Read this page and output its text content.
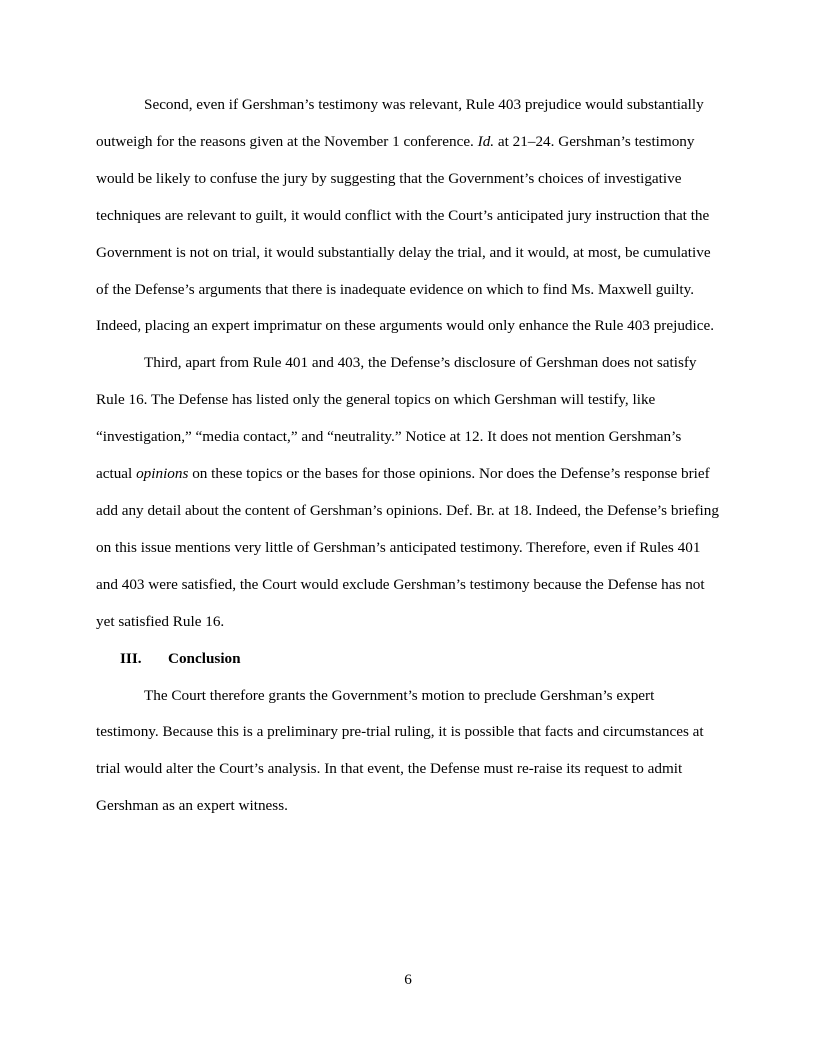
Second, even if Gershman’s testimony was relevant, Rule 403 prejudice would substantially outweigh for the reasons given at the November 1 conference. Id. at 21–24. Gershman’s testimony would be likely to confuse the jury by suggesting that the Government’s choices of investigative techniques are relevant to guilt, it would conflict with the Court’s anticipated jury instruction that the Government is not on trial, it would substantially delay the trial, and it would, at most, be cumulative of the Defense’s arguments that there is inadequate evidence on which to find Ms. Maxwell guilty. Indeed, placing an expert imprimatur on these arguments would only enhance the Rule 403 prejudice.

Third, apart from Rule 401 and 403, the Defense’s disclosure of Gershman does not satisfy Rule 16. The Defense has listed only the general topics on which Gershman will testify, like “investigation,” “media contact,” and “neutrality.” Notice at 12. It does not mention Gershman’s actual opinions on these topics or the bases for those opinions. Nor does the Defense’s response brief add any detail about the content of Gershman’s opinions. Def. Br. at 18. Indeed, the Defense’s briefing on this issue mentions very little of Gershman’s anticipated testimony. Therefore, even if Rules 401 and 403 were satisfied, the Court would exclude Gershman’s testimony because the Defense has not yet satisfied Rule 16.

III. Conclusion

The Court therefore grants the Government’s motion to preclude Gershman’s expert testimony. Because this is a preliminary pre-trial ruling, it is possible that facts and circumstances at trial would alter the Court’s analysis. In that event, the Defense must re-raise its request to admit Gershman as an expert witness.

6
